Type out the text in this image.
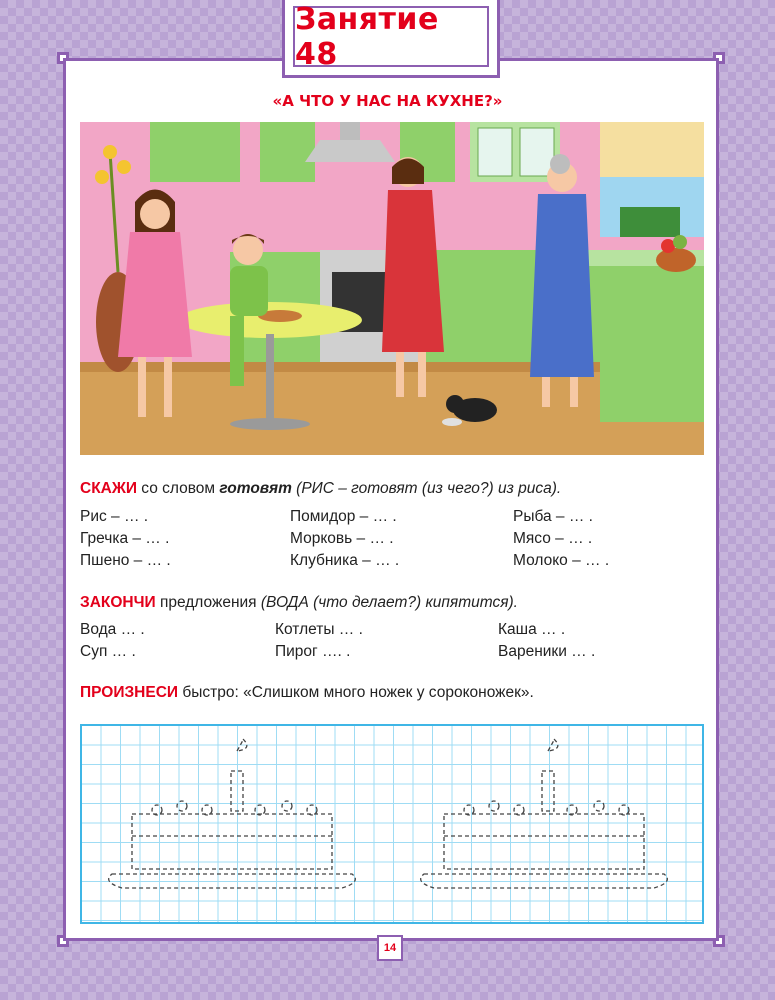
Занятие 48
«А ЧТО У НАС НА КУХНЕ?»
СКАЖИ со словом готовят (РИС – готовят (из чего?) из риса).
Рис – … .	Помидор – … .	Рыба – … .
Гречка – … .	Морковь – … .	Мясо – … .
Пшено – … .	Клубника – … .	Молоко – … .
ЗАКОНЧИ предложения (ВОДА (что делает?) кипятится).
Вода … .	Котлеты … .	Каша … .
Суп … .	Пирог …. .	Вареники … .
ПРОИЗНЕСИ быстро: «Слишком много ножек у сороконожек».
14
